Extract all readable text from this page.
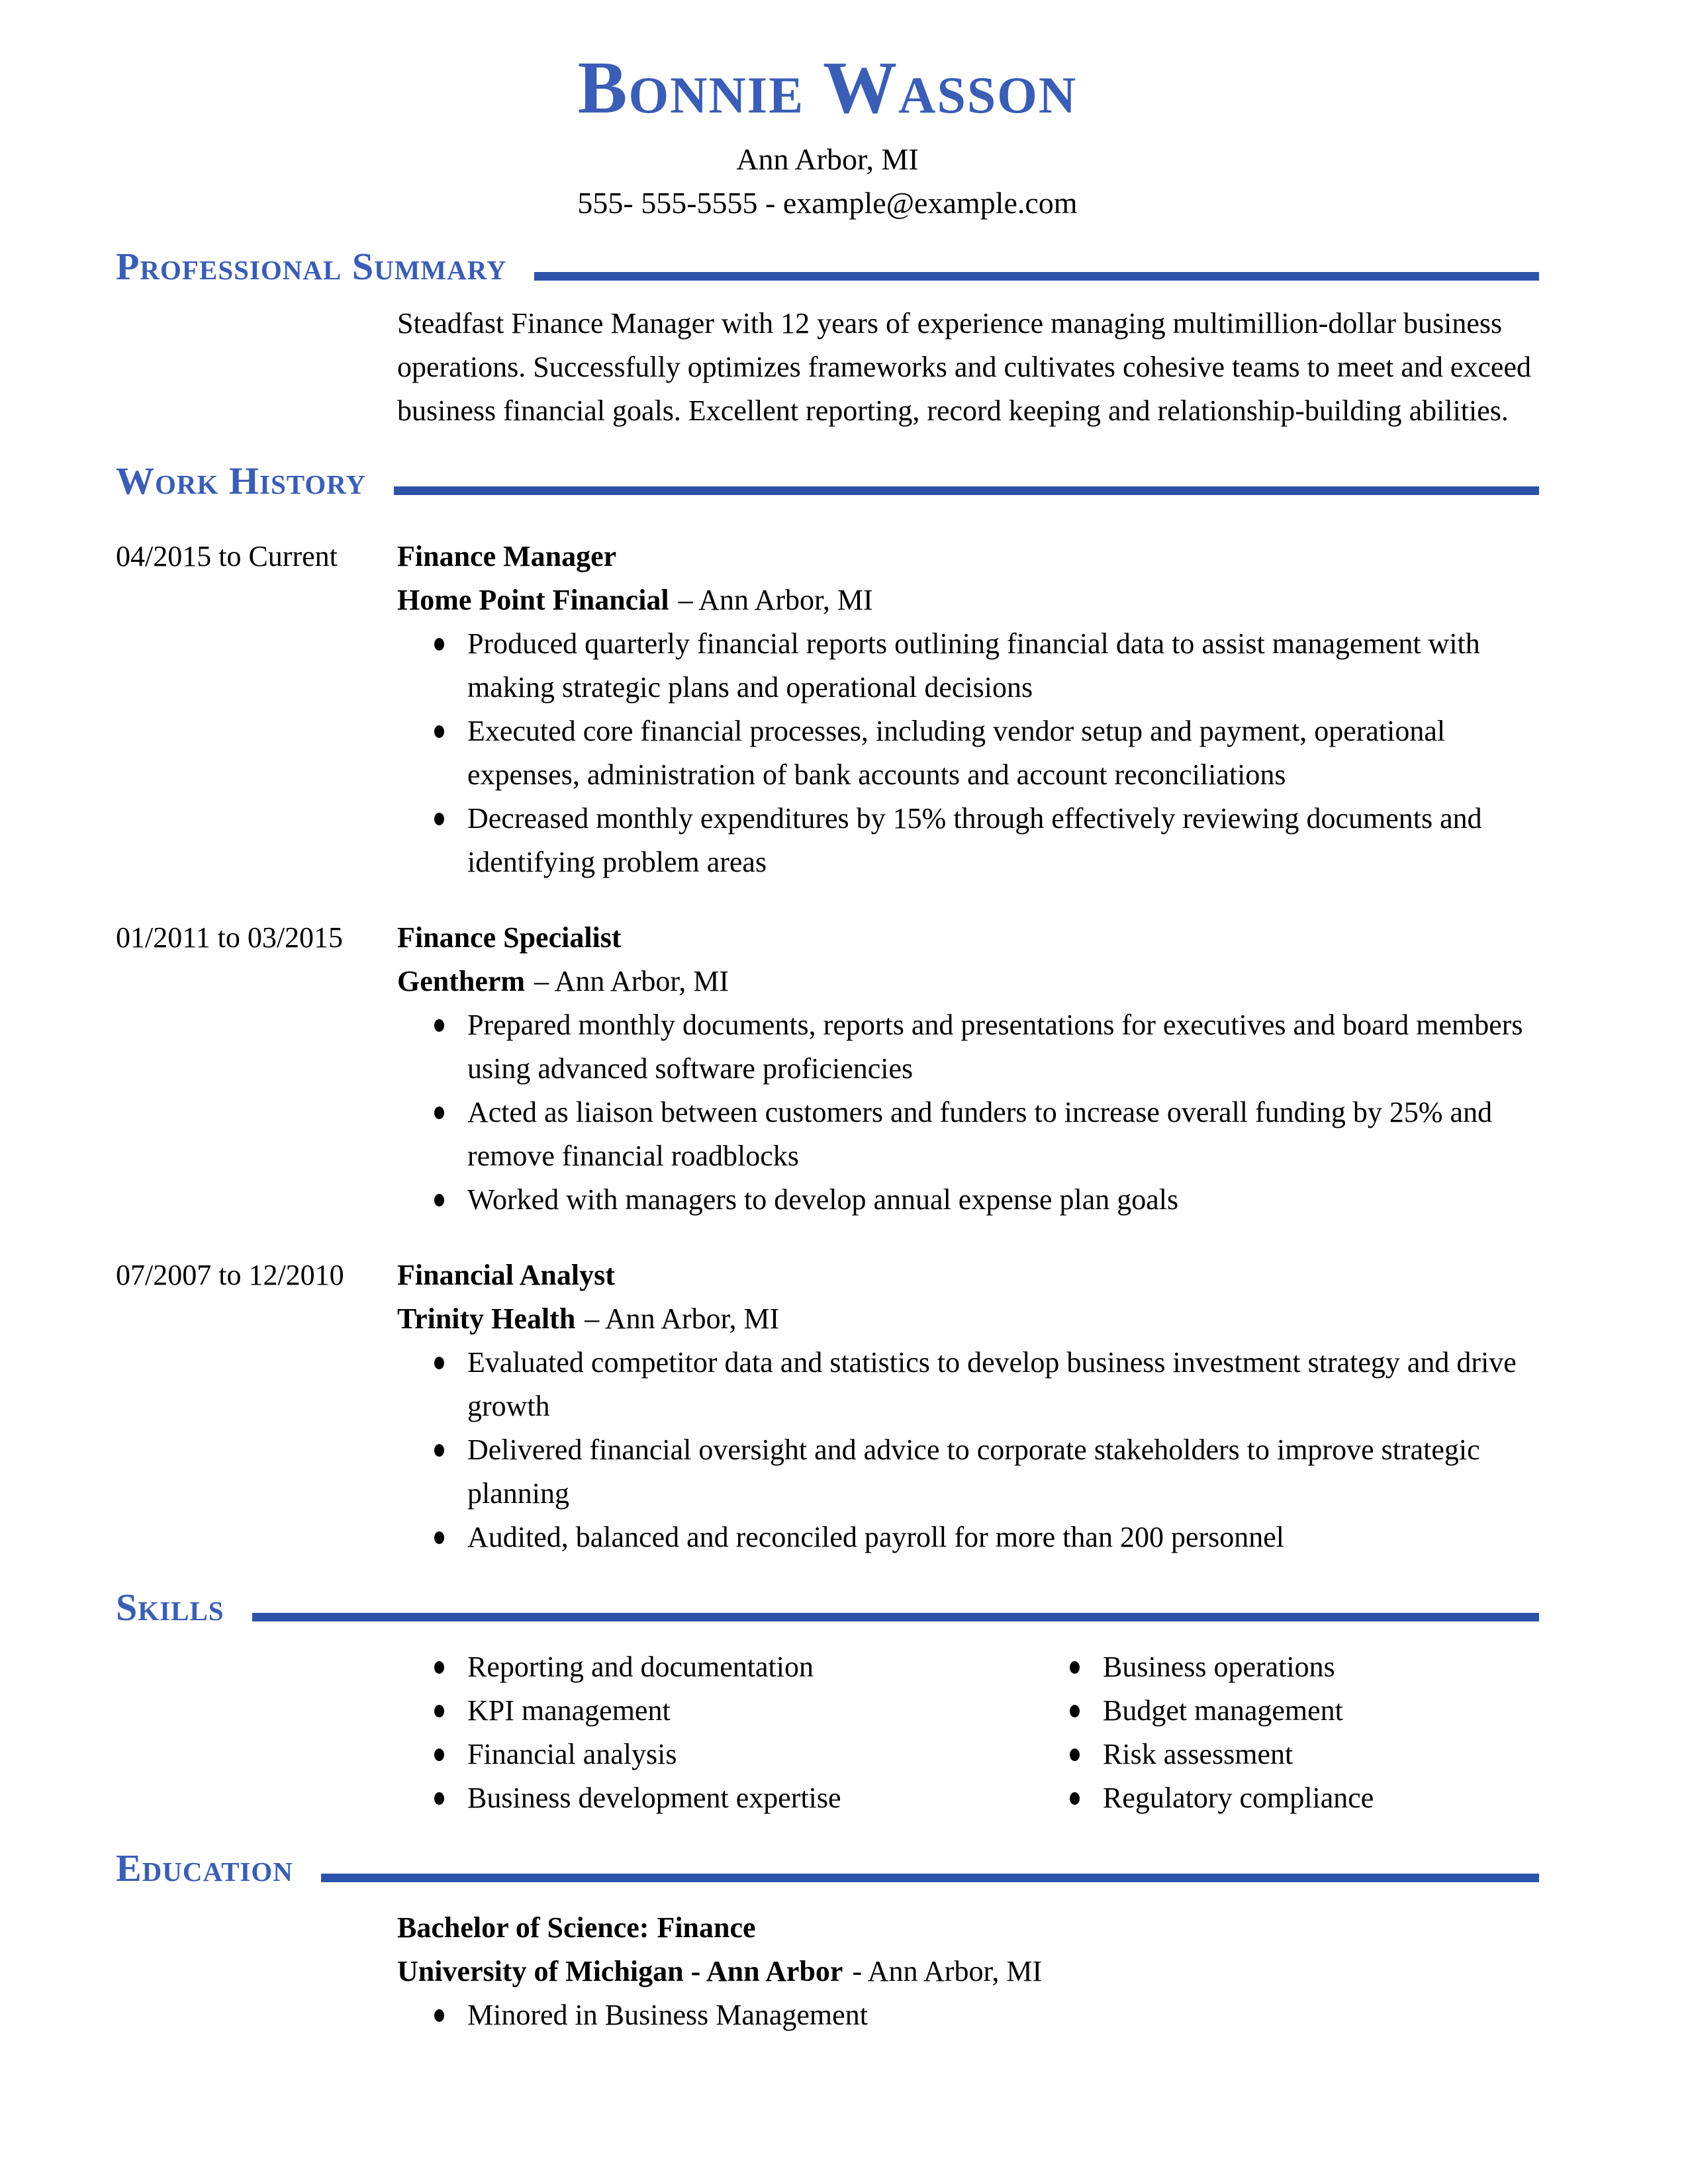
Bonnie Wasson
Ann Arbor, MI
555- 555-5555 - example@example.com
Professional Summary

Steadfast Finance Manager with 12 years of experience managing multimillion-dollar business operations. Successfully optimizes frameworks and cultivates cohesive teams to meet and exceed business financial goals. Excellent reporting, record keeping and relationship-building abilities.

Work History
04/2015 to Current	Finance Manager
Home Point Financial – Ann Arbor, MI
Produced quarterly financial reports outlining financial data to assist management with making strategic plans and operational decisions
Executed core financial processes, including vendor setup and payment, operational expenses, administration of bank accounts and account reconciliations
Decreased monthly expenditures by 15% through effectively reviewing documents and identifying problem areas
01/2011 to 03/2015	Finance Specialist
Gentherm – Ann Arbor, MI
Prepared monthly documents, reports and presentations for executives and board members using advanced software proficiencies
Acted as liaison between customers and funders to increase overall funding by 25% and remove financial roadblocks
Worked with managers to develop annual expense plan goals
07/2007 to 12/2010	Financial Analyst
Trinity Health – Ann Arbor, MI
Evaluated competitor data and statistics to develop business investment strategy and drive growth
Delivered financial oversight and advice to corporate stakeholders to improve strategic planning
Audited, balanced and reconciled payroll for more than 200 personnel
Skills
Reporting and documentation
KPI management
Financial analysis
Business development expertise
Business operations
Budget management
Risk assessment
Regulatory compliance
Education
Bachelor of Science: Finance
University of Michigan - Ann Arbor - Ann Arbor, MI
Minored in Business Management
